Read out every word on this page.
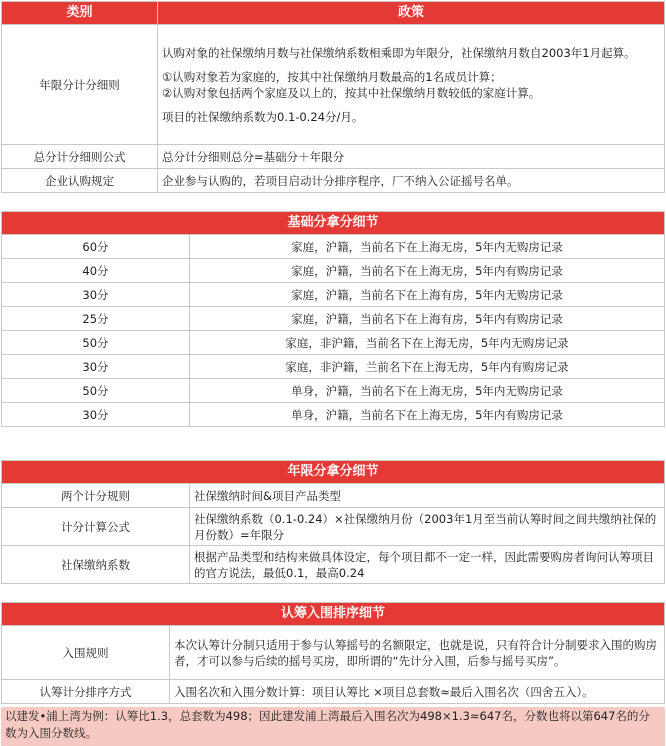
类别	政策
年限分计分细则	认购对象的社保缴纳月数与社保缴纳系数相乘即为年限分，社保缴纳月数自2003年1月起算。
①认购对象若为家庭的，按其中社保缴纳月数最高的1名成员计算；
②认购对象包括两个家庭及以上的，按其中社保缴纳月数较低的家庭计算。
项目的社保缴纳系数为0.1-0.24分/月。

总分计分细则公式	总分计分细则总分=基础分＋年限分
企业认购规定	企业参与认购的，若项目启动计分排序程序，厂不纳入公证摇号名单。
基础分拿分细节	
60分	家庭，沪籍，当前名下在上海无房，5年内无购房记录
40分	家庭，沪籍，当前名下在上海无房，5年内有购房记录
30分	家庭，沪籍，当前名下在上海有房，5年内无购房记录
25分	家庭，沪籍，当前名下在上海有房，5年内有购房记录
50分	家庭，非沪籍，当前名下在上海无房，5年内无购房记录
30分	家庭，非沪籍，兰前名下在上海无房，5年内有购房记录
50分	单身，沪籍，当前名下在上海无房，5年内无购房记录
30分	单身，沪籍，当前名下在上海无房，5年内有购房记录
年限分拿分细节	
两个计分规则	社保缴纳时间&项目产品类型
计分计算公式	社保缴纳系数（0.1-0.24）×社保缴纳月份（2003年1月至当前认筹时间之间共缴纳社保的月份数）=年限分
社保缴纳系数	根据产品类型和结构来做具体设定，每个项目都不一定一样，因此需要购房者询问认筹项目的官方说法，最低0.1，最高0.24
认筹入围排序细节	
入围规则	本次认筹计分制只适用于参与认筹摇号的名额限定，也就是说，只有符合计分制要求入围的购房者，才可以参与后续的摇号买房，即所谓的“先计分入围，后参与摇号买房”。
认筹计分排序方式	入围名次和入围分数计算：项目认筹比 ×项目总套数≈最后入围名次（四舍五入）。
以建发•浦上湾为例：认筹比1.3，总套数为498；因此建发浦上湾最后入围名次为498×1.3≈647名，分数也将以第647名的分数为入围分数线。
